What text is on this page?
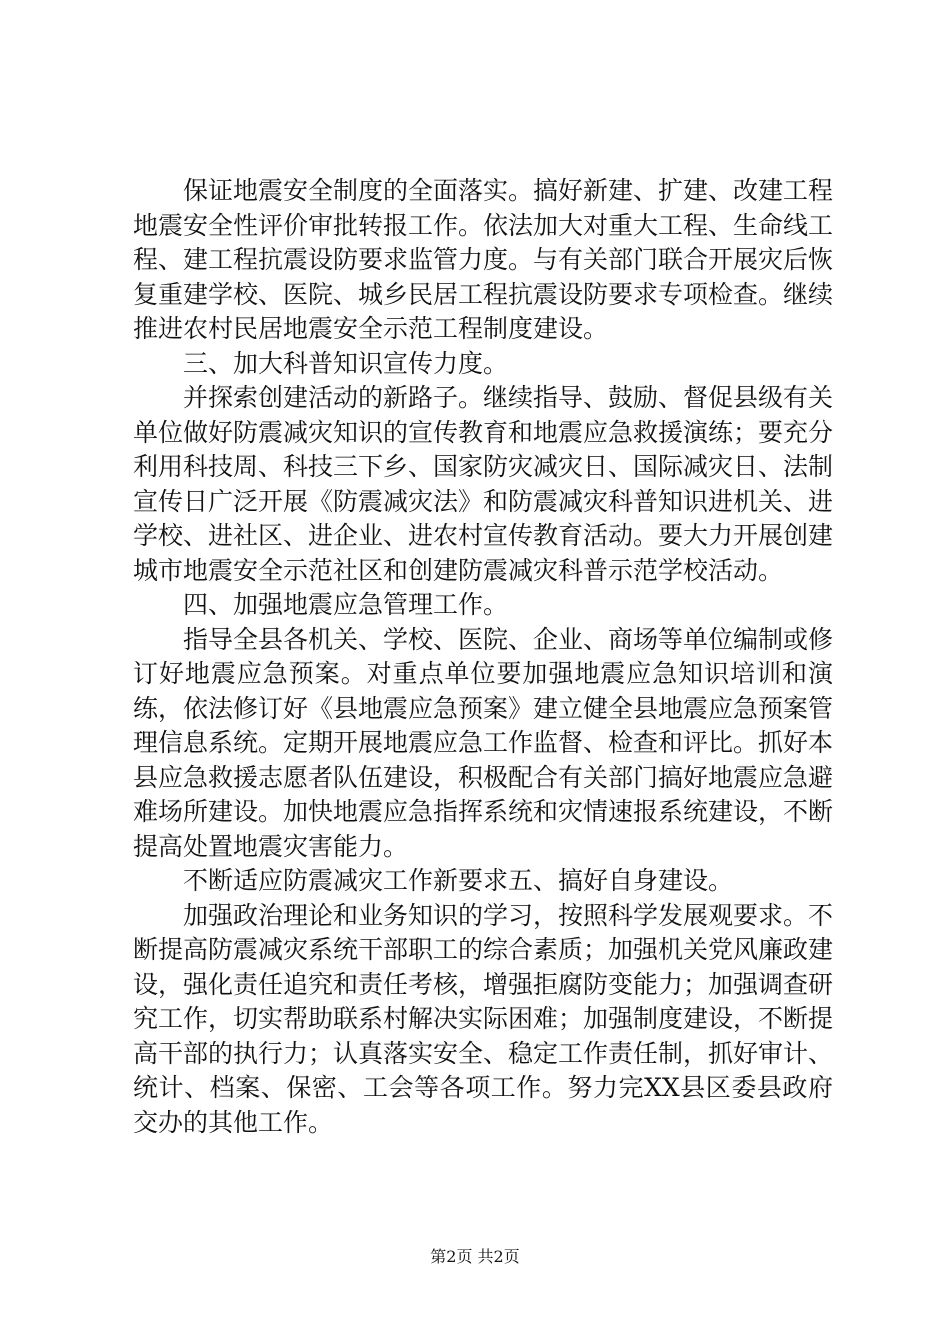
保证地震安全制度的全面落实。搞好新建、扩建、改建工程地震安全性评价审批转报工作。依法加大对重大工程、生命线工程、建工程抗震设防要求监管力度。与有关部门联合开展灾后恢复重建学校、医院、城乡民居工程抗震设防要求专项检查。继续推进农村民居地震安全示范工程制度建设。

三、加大科普知识宣传力度。

并探索创建活动的新路子。继续指导、鼓励、督促县级有关单位做好防震减灾知识的宣传教育和地震应急救援演练；要充分利用科技周、科技三下乡、国家防灾减灾日、国际减灾日、法制宣传日广泛开展《防震减灾法》和防震减灾科普知识进机关、进学校、进社区、进企业、进农村宣传教育活动。要大力开展创建城市地震安全示范社区和创建防震减灾科普示范学校活动。

四、加强地震应急管理工作。

指导全县各机关、学校、医院、企业、商场等单位编制或修订好地震应急预案。对重点单位要加强地震应急知识培训和演练，依法修订好《县地震应急预案》建立健全县地震应急预案管理信息系统。定期开展地震应急工作监督、检查和评比。抓好本县应急救援志愿者队伍建设，积极配合有关部门搞好地震应急避难场所建设。加快地震应急指挥系统和灾情速报系统建设，不断提高处置地震灾害能力。

不断适应防震减灾工作新要求五、搞好自身建设。

加强政治理论和业务知识的学习，按照科学发展观要求。不断提高防震减灾系统干部职工的综合素质；加强机关党风廉政建设，强化责任追究和责任考核，增强拒腐防变能力；加强调查研究工作，切实帮助联系村解决实际困难；加强制度建设，不断提高干部的执行力；认真落实安全、稳定工作责任制，抓好审计、统计、档案、保密、工会等各项工作。努力完XX县区委县政府交办的其他工作。

第2页 共2页
